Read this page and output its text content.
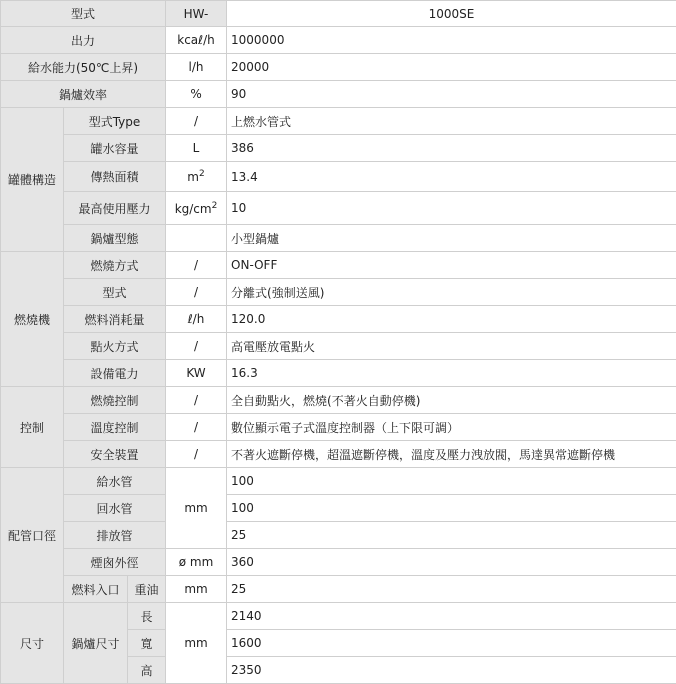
型式			HW-	1000SE
出力			kcaℓ/h	1000000
給水能力(50℃上昇)			l/h	20000
鍋爐效率			%	90
罐體構造	型式Type		/	上燃水管式
	罐水容量		L	386
	傳熱面積		$m^2$	13.4
	最高使用壓力		$kg/cm^2$	10
	鍋爐型態			小型鍋爐
燃燒機	燃燒方式		/	ON-OFF
	型式		/	分離式(強制送風)
	燃料消耗量		ℓ/h	120.0
	點火方式		/	高電壓放電點火
	設備電力		KW	16.3
控制	燃燒控制		/	全自動點火，燃燒(不著火自動停機)
	溫度控制		/	數位顯示電子式溫度控制器（上下限可調）
	安全裝置		/	不著火遮斷停機，超溫遮斷停機，溫度及壓力洩放閥，馬達異常遮斷停機
配管口徑	給水管		mm	100
	回水管			100
	排放管			25
	煙囪外徑		ø mm	360
	燃料入口	重油	mm	25
尺寸	鍋爐尺寸	長	mm	2140
		寬		1600
		高		2350
